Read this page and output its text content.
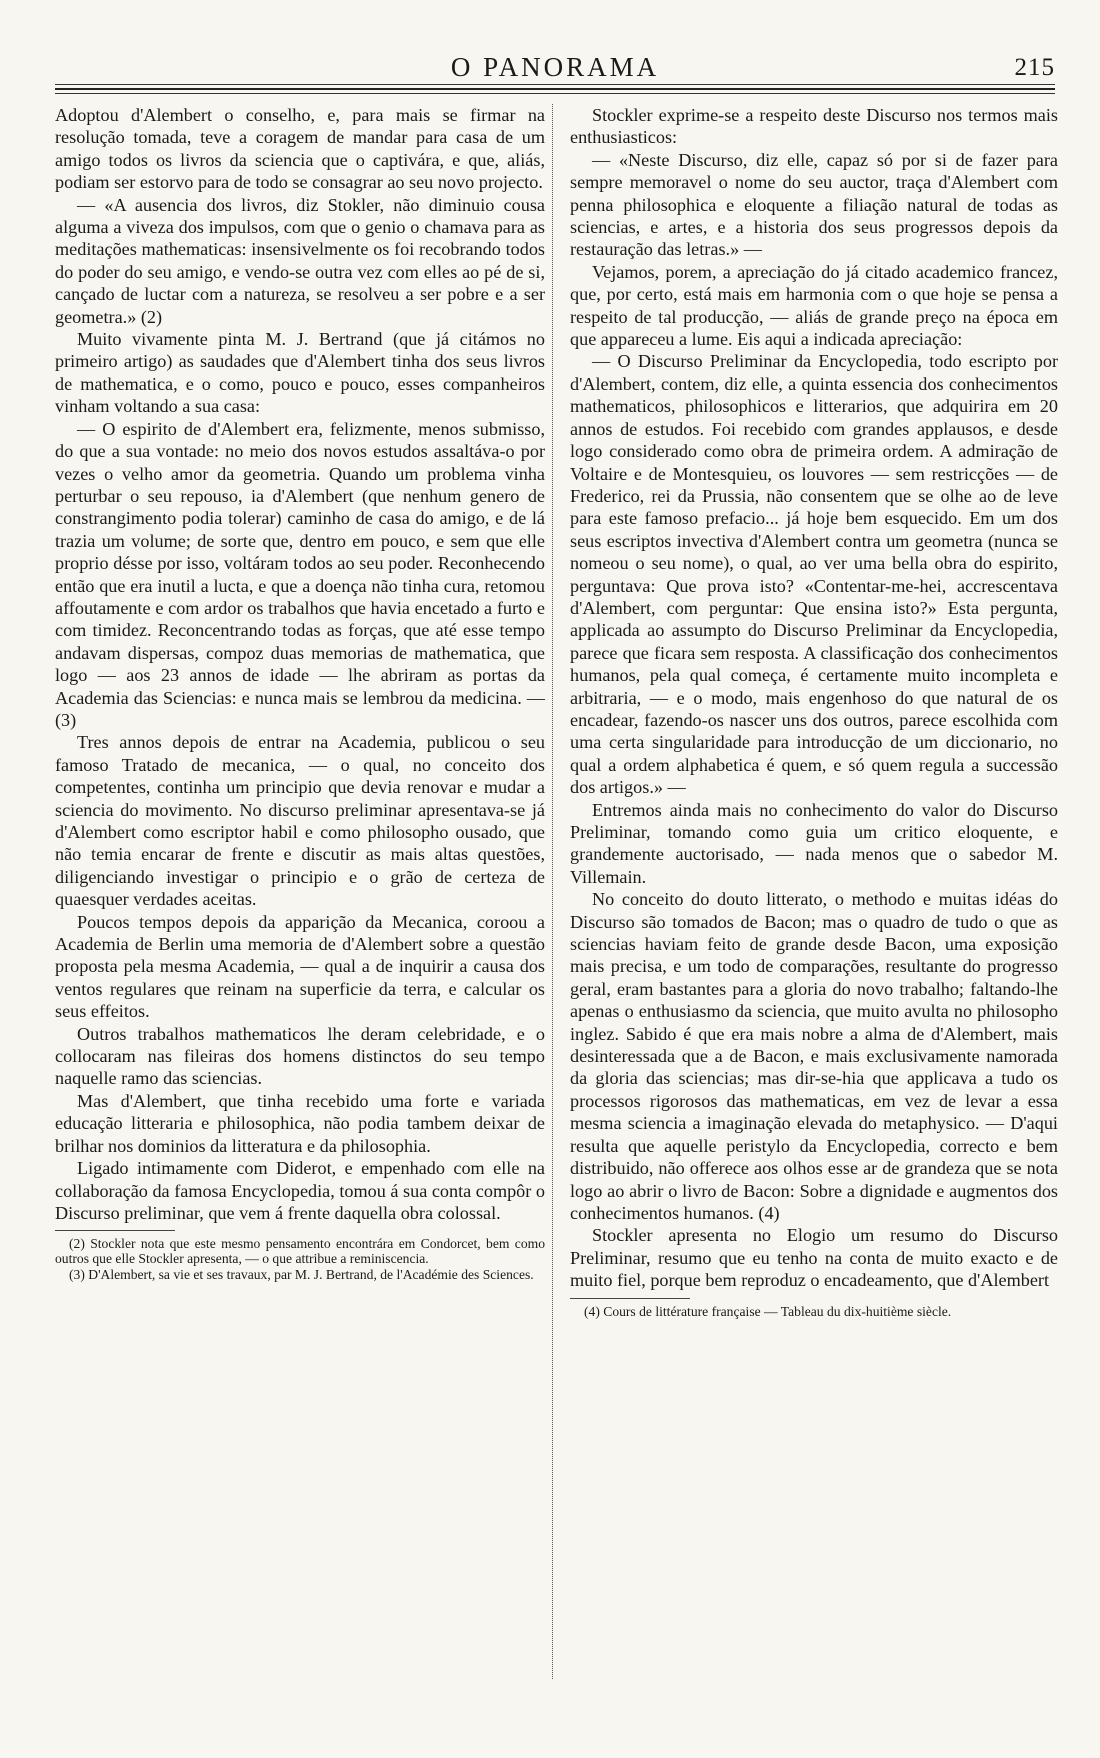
O PANORAMA	215

Adoptou d'Alembert o conselho, e, para mais se firmar na resolução tomada, teve a coragem de mandar para casa de um amigo todos os livros da sciencia que o captivára, e que, aliás, podiam ser estorvo para de todo se consagrar ao seu novo projecto.

— «A ausencia dos livros, diz Stokler, não diminuio cousa alguma a viveza dos impulsos, com que o genio o chamava para as meditações mathematicas: insensivelmente os foi recobrando todos do poder do seu amigo, e vendo-se outra vez com elles ao pé de si, cançado de luctar com a natureza, se resolveu a ser pobre e a ser geometra.» (2)

Muito vivamente pinta M. J. Bertrand (que já citámos no primeiro artigo) as saudades que d'Alembert tinha dos seus livros de mathematica, e o como, pouco e pouco, esses companheiros vinham voltando a sua casa:

— O espirito de d'Alembert era, felizmente, menos submisso, do que a sua vontade: no meio dos novos estudos assaltáva-o por vezes o velho amor da geometria. Quando um problema vinha perturbar o seu repouso, ia d'Alembert (que nenhum genero de constrangimento podia tolerar) caminho de casa do amigo, e de lá trazia um volume; de sorte que, dentro em pouco, e sem que elle proprio désse por isso, voltáram todos ao seu poder. Reconhecendo então que era inutil a lucta, e que a doença não tinha cura, retomou affoutamente e com ardor os trabalhos que havia encetado a furto e com timidez. Reconcentrando todas as forças, que até esse tempo andavam dispersas, compoz duas memorias de mathematica, que logo — aos 23 annos de idade — lhe abriram as portas da Academia das Sciencias: e nunca mais se lembrou da medicina. — (3)

Tres annos depois de entrar na Academia, publicou o seu famoso Tratado de mecanica, — o qual, no conceito dos competentes, continha um principio que devia renovar e mudar a sciencia do movimento. No discurso preliminar apresentava-se já d'Alembert como escriptor habil e como philosopho ousado, que não temia encarar de frente e discutir as mais altas questões, diligenciando investigar o principio e o grão de certeza de quaesquer verdades aceitas.

Poucos tempos depois da apparição da Mecanica, coroou a Academia de Berlin uma memoria de d'Alembert sobre a questão proposta pela mesma Academia, — qual a de inquirir a causa dos ventos regulares que reinam na superficie da terra, e calcular os seus effeitos.

Outros trabalhos mathematicos lhe deram celebridade, e o collocaram nas fileiras dos homens distinctos do seu tempo naquelle ramo das sciencias.

Mas d'Alembert, que tinha recebido uma forte e variada educação litteraria e philosophica, não podia tambem deixar de brilhar nos dominios da litteratura e da philosophia.

Ligado intimamente com Diderot, e empenhado com elle na collaboração da famosa Encyclopedia, tomou á sua conta compôr o Discurso preliminar, que vem á frente daquella obra colossal.

(2) Stockler nota que este mesmo pensamento encontrára em Condorcet, bem como outros que elle Stockler apresenta, — o que attribue a reminiscencia.

(3) D'Alembert, sa vie et ses travaux, par M. J. Bertrand, de l'Académie des Sciences.

Stockler exprime-se a respeito deste Discurso nos termos mais enthusiasticos:

— «Neste Discurso, diz elle, capaz só por si de fazer para sempre memoravel o nome do seu auctor, traça d'Alembert com penna philosophica e eloquente a filiação natural de todas as sciencias, e artes, e a historia dos seus progressos depois da restauração das letras.» —

Vejamos, porem, a apreciação do já citado academico francez, que, por certo, está mais em harmonia com o que hoje se pensa a respeito de tal producção, — aliás de grande preço na época em que appareceu a lume. Eis aqui a indicada apreciação:

— O Discurso Preliminar da Encyclopedia, todo escripto por d'Alembert, contem, diz elle, a quinta essencia dos conhecimentos mathematicos, philosophicos e litterarios, que adquirira em 20 annos de estudos. Foi recebido com grandes applausos, e desde logo considerado como obra de primeira ordem. A admiração de Voltaire e de Montesquieu, os louvores — sem restricções — de Frederico, rei da Prussia, não consentem que se olhe ao de leve para este famoso prefacio... já hoje bem esquecido. Em um dos seus escriptos invectiva d'Alembert contra um geometra (nunca se nomeou o seu nome), o qual, ao ver uma bella obra do espirito, perguntava: Que prova isto? «Contentar-me-hei, accrescentava d'Alembert, com perguntar: Que ensina isto?» Esta pergunta, applicada ao assumpto do Discurso Preliminar da Encyclopedia, parece que ficara sem resposta. A classificação dos conhecimentos humanos, pela qual começa, é certamente muito incompleta e arbitraria, — e o modo, mais engenhoso do que natural de os encadear, fazendo-os nascer uns dos outros, parece escolhida com uma certa singularidade para introducção de um diccionario, no qual a ordem alphabetica é quem, e só quem regula a successão dos artigos.» —

Entremos ainda mais no conhecimento do valor do Discurso Preliminar, tomando como guia um critico eloquente, e grandemente auctorisado, — nada menos que o sabedor M. Villemain.

No conceito do douto litterato, o methodo e muitas idéas do Discurso são tomados de Bacon; mas o quadro de tudo o que as sciencias haviam feito de grande desde Bacon, uma exposição mais precisa, e um todo de comparações, resultante do progresso geral, eram bastantes para a gloria do novo trabalho; faltando-lhe apenas o enthusiasmo da sciencia, que muito avulta no philosopho inglez. Sabido é que era mais nobre a alma de d'Alembert, mais desinteressada que a de Bacon, e mais exclusivamente namorada da gloria das sciencias; mas dir-se-hia que applicava a tudo os processos rigorosos das mathematicas, em vez de levar a essa mesma sciencia a imaginação elevada do metaphysico. — D'aqui resulta que aquelle peristylo da Encyclopedia, correcto e bem distribuido, não offerece aos olhos esse ar de grandeza que se nota logo ao abrir o livro de Bacon: Sobre a dignidade e augmentos dos conhecimentos humanos. (4)

Stockler apresenta no Elogio um resumo do Discurso Preliminar, resumo que eu tenho na conta de muito exacto e de muito fiel, porque bem reproduz o encadeamento, que d'Alembert

(4) Cours de littérature française — Tableau du dix-huitième siècle.
